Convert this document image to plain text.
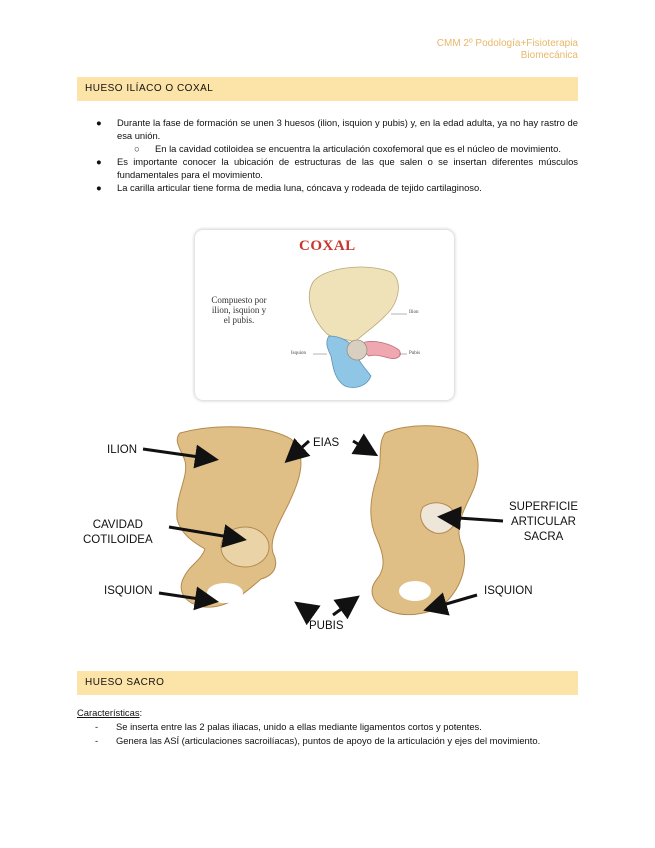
CMM 2º Podología+Fisioterapia
Biomecánica
HUESO ILÍACO O COXAL
● Durante la fase de formación se unen 3 huesos (ilion, isquion y pubis) y, en la edad adulta, ya no hay rastro de esa unión.
○ En la cavidad cotiloidea se encuentra la articulación coxofemoral que es el núcleo de movimiento.
● Es importante conocer la ubicación de estructuras de las que salen o se insertan diferentes músculos fundamentales para el movimiento.
● La carilla articular tiene forma de media luna, cóncava y rodeada de tejido cartilaginoso.
COXAL
Compuesto por ilion, isquion y el pubis.
Ilion
Isquion	Pubis
ILION
EIAS
CAVIDAD
COTILOIDEA
SUPERFICIE
ARTICULAR
SACRA
ISQUION	ISQUION
PUBIS
HUESO SACRO
Características:
- Se inserta entre las 2 palas iliacas, unido a ellas mediante ligamentos cortos y potentes.
- Genera las ASÍ (articulaciones sacroilíacas), puntos de apoyo de la articulación y ejes del movimiento.
